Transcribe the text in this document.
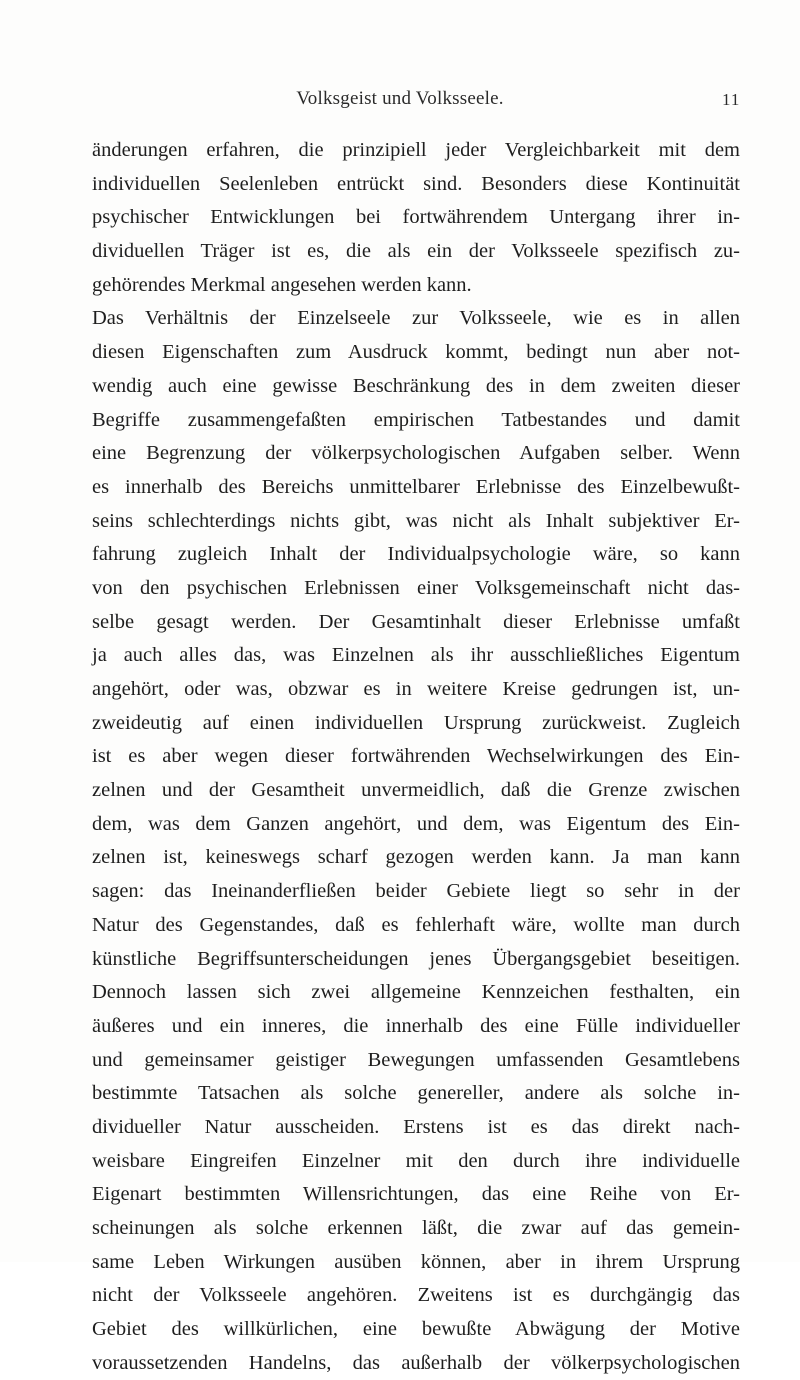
Volksgeist und Volksseele.	11
änderungen erfahren, die prinzipiell jeder Vergleichbarkeit mit dem
individuellen Seelenleben entrückt sind. Besonders diese Kontinuität
psychischer Entwicklungen bei fortwährendem Untergang ihrer in-
dividuellen Träger ist es, die als ein der Volksseele spezifisch zu-
gehörendes Merkmal angesehen werden kann.
Das Verhältnis der Einzelseele zur Volksseele, wie es in allen
diesen Eigenschaften zum Ausdruck kommt, bedingt nun aber not-
wendig auch eine gewisse Beschränkung des in dem zweiten dieser
Begriffe zusammengefaßten empirischen Tatbestandes und damit
eine Begrenzung der völkerpsychologischen Aufgaben selber. Wenn
es innerhalb des Bereichs unmittelbarer Erlebnisse des Einzelbewußt-
seins schlechterdings nichts gibt, was nicht als Inhalt subjektiver Er-
fahrung zugleich Inhalt der Individualpsychologie wäre, so kann
von den psychischen Erlebnissen einer Volksgemeinschaft nicht das-
selbe gesagt werden. Der Gesamtinhalt dieser Erlebnisse umfaßt
ja auch alles das, was Einzelnen als ihr ausschließliches Eigentum
angehört, oder was, obzwar es in weitere Kreise gedrungen ist, un-
zweideutig auf einen individuellen Ursprung zurückweist. Zugleich
ist es aber wegen dieser fortwährenden Wechselwirkungen des Ein-
zelnen und der Gesamtheit unvermeidlich, daß die Grenze zwischen
dem, was dem Ganzen angehört, und dem, was Eigentum des Ein-
zelnen ist, keineswegs scharf gezogen werden kann. Ja man kann
sagen: das Ineinanderfließen beider Gebiete liegt so sehr in der
Natur des Gegenstandes, daß es fehlerhaft wäre, wollte man durch
künstliche Begriffsunterscheidungen jenes Übergangsgebiet beseitigen.
Dennoch lassen sich zwei allgemeine Kennzeichen festhalten, ein
äußeres und ein inneres, die innerhalb des eine Fülle individueller
und gemeinsamer geistiger Bewegungen umfassenden Gesamtlebens
bestimmte Tatsachen als solche genereller, andere als solche in-
dividueller Natur ausscheiden. Erstens ist es das direkt nach-
weisbare Eingreifen Einzelner mit den durch ihre individuelle
Eigenart bestimmten Willensrichtungen, das eine Reihe von Er-
scheinungen als solche erkennen läßt, die zwar auf das gemein-
same Leben Wirkungen ausüben können, aber in ihrem Ursprung
nicht der Volksseele angehören. Zweitens ist es durchgängig das
Gebiet des willkürlichen, eine bewußte Abwägung der Motive
voraussetzenden Handelns, das außerhalb der völkerpsychologischen
